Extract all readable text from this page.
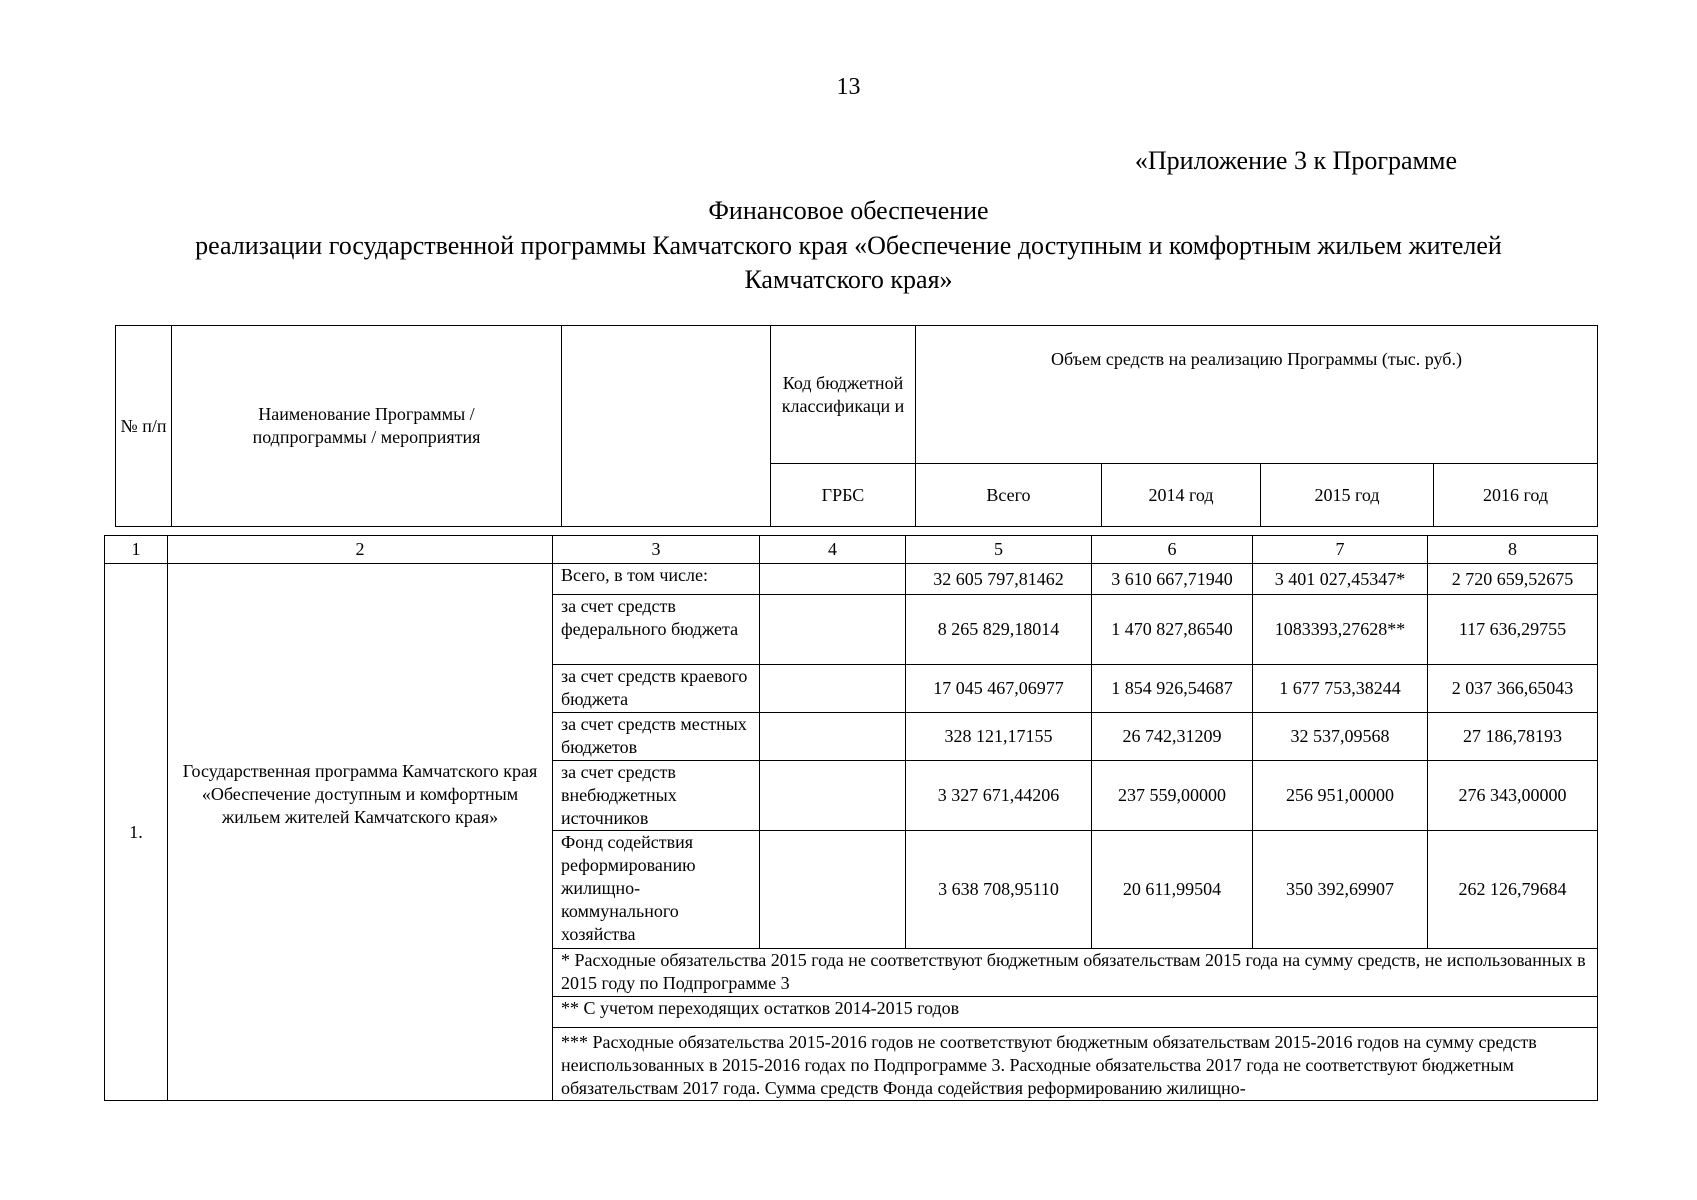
13
«Приложение 3 к Программе
Финансовое обеспечение
реализации государственной программы Камчатского края «Обеспечение доступным и комфортным жильем жителей
Камчатского края»
№ п/п	Наименование Программы / подпрограммы / мероприятия		Код бюджетной классификаци и	Объем средств на реализацию Программы (тыс. руб.)			
			ГРБС	Всего	2014 год	2015 год	2016 год
1	2	3	4	5	6	7	8
1.	Государственная программа Камчатского края «Обеспечение доступным и комфортным жильем жителей Камчатского края»	Всего, в том числе:		32 605 797,81462	3 610 667,71940	3 401 027,45347*	2 720 659,52675
		за счет средств федерального бюджета		8 265 829,18014	1 470 827,86540	1083393,27628**	117 636,29755
		за счет средств краевого бюджета		17 045 467,06977	1 854 926,54687	1 677 753,38244	2 037 366,65043
		за счет средств местных бюджетов		328 121,17155	26 742,31209	32 537,09568	27 186,78193
		за счет средств внебюджетных источников		3 327 671,44206	237 559,00000	256 951,00000	276 343,00000
		Фонд содействия реформированию жилищно-коммунального хозяйства		3 638 708,95110	20 611,99504	350 392,69907	262 126,79684
		* Расходные обязательства 2015 года не соответствуют бюджетным обязательствам 2015 года на сумму средств, не использованных в 2015 году по Подпрограмме 3					
		** С учетом переходящих остатков 2014-2015 годов					
		*** Расходные обязательства 2015-2016 годов не соответствуют бюджетным обязательствам 2015-2016 годов на сумму средств неиспользованных в 2015-2016 годах по Подпрограмме 3. Расходные обязательства 2017 года не соответствуют бюджетным обязательствам 2017 года. Сумма средств Фонда содействия реформированию жилищно-					
